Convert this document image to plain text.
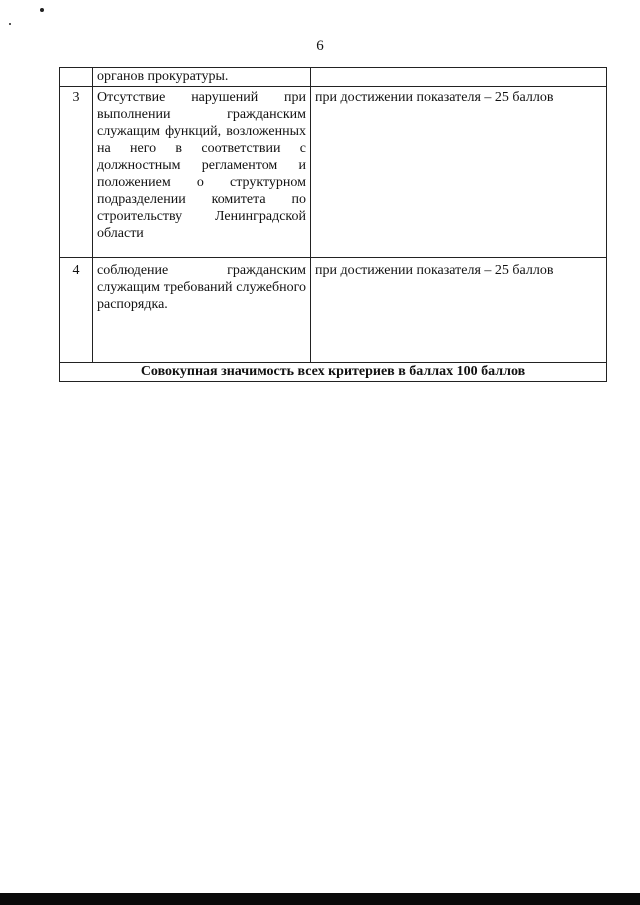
6

	органов прокуратуры.	

3	Отсутствие нарушений при выполнении гражданским служащим функций, возложенных на него в соответствии с должностным регламентом и положением о структурном подразделении комитета по строительству Ленинградской области	при достижении показателя – 25 баллов
4	соблюдение гражданским служащим требований служебного распорядка.	при достижении показателя – 25 баллов
Совокупная значимость всех критериев в баллах 100 баллов		
